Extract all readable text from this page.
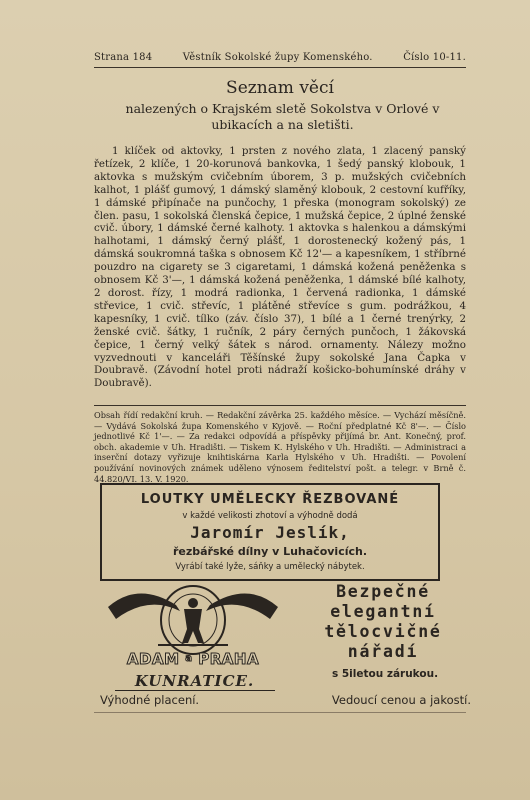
Strana 184	Věstník Sokolské župy Komenského.	Číslo 10-11.
Seznam věcí
nalezených o Krajském sletě Sokolstva v Orlové v ubikacích a na sletišti.
1 klíček od aktovky, 1 prsten z nového zlata, 1 zlacený panský řetízek, 2 klíče, 1 20-korunová bankovka, 1 šedý panský klobouk, 1 aktovka s mužským cvičebním úborem, 3 p. mužských cvičebních kalhot, 1 plášť gumový, 1 dámský slaměný klobouk, 2 cestovní kufříky, 1 dámské připínače na punčochy, 1 přeska (monogram sokolský) ze člen. pasu, 1 sokolská členská čepice, 1 mužská čepice, 2 úplné ženské cvič. úbory, 1 dámské černé kalhoty. 1 aktovka s halenkou a dámskými halhotami, 1 dámský černý plášť, 1 dorostenecký kožený pás, 1 dámská soukromná taška s obnosem Kč 12'— a kapesníkem, 1 stříbrné pouzdro na cigarety se 3 cigaretami, 1 dámská kožená peněženka s obnosem Kč 3'—, 1 dámská kožená peněženka, 1 dámské bílé kalhoty, 2 dorost. řízy, 1 modrá radionka, 1 červená radionka, 1 dámské střevice, 1 cvič. střevíc, 1 plátěné střevíce s gum. podrážkou, 4 kapesníky, 1 cvič. tílko (záv. číslo 37), 1 bílé a 1 černé trenýrky, 2 ženské cvič. šátky, 1 ručník, 2 páry černých punčoch, 1 žákovská čepice, 1 černý velký šátek s národ. ornamenty. Nálezy možno vyzvednouti v kanceláři Těšínské župy sokolské Jana Čapka v Doubravě. (Závodní hotel proti nádraží košicko-bohumínské dráhy v Doubravě).
Obsah řídí redakční kruh. — Redakční závěrka 25. každého měsíce. — Vychází měsíčně. — Vydává Sokolská župa Komenského v Kyjově. — Roční předplatné Kč 8'—. — Číslo jednotlivé Kč 1'—. — Za redakci odpovídá a příspěvky přijímá br. Ant. Konečný, prof. obch. akademie v Uh. Hradišti. — Tiskem K. Hylského v Uh. Hradišti. — Administraci a inserční dotazy vyřizuje knihtiskárna Karla Hylského v Uh. Hradišti. — Povolení používání novinových známek uděleno výnosem ředitelství pošt. a telegr. v Brně č. 44.820/VI. 13. V. 1920.
LOUTKY UMĚLECKY ŘEZBOVANÉ
v každé velikosti zhotoví a výhodně dodá
Jaromír Jeslík,
řezbářské dílny v Luhačovicích.
Vyrábí také lyže, sáňky a umělecký nábytek.
ADAM $^a$ PRAHA
KUNRATICE.
Výhodné placení.
Bezpečné
elegantní
tělocvičné
nářadí
s 5iletou zárukou.
Vedoucí cenou a jakostí.
